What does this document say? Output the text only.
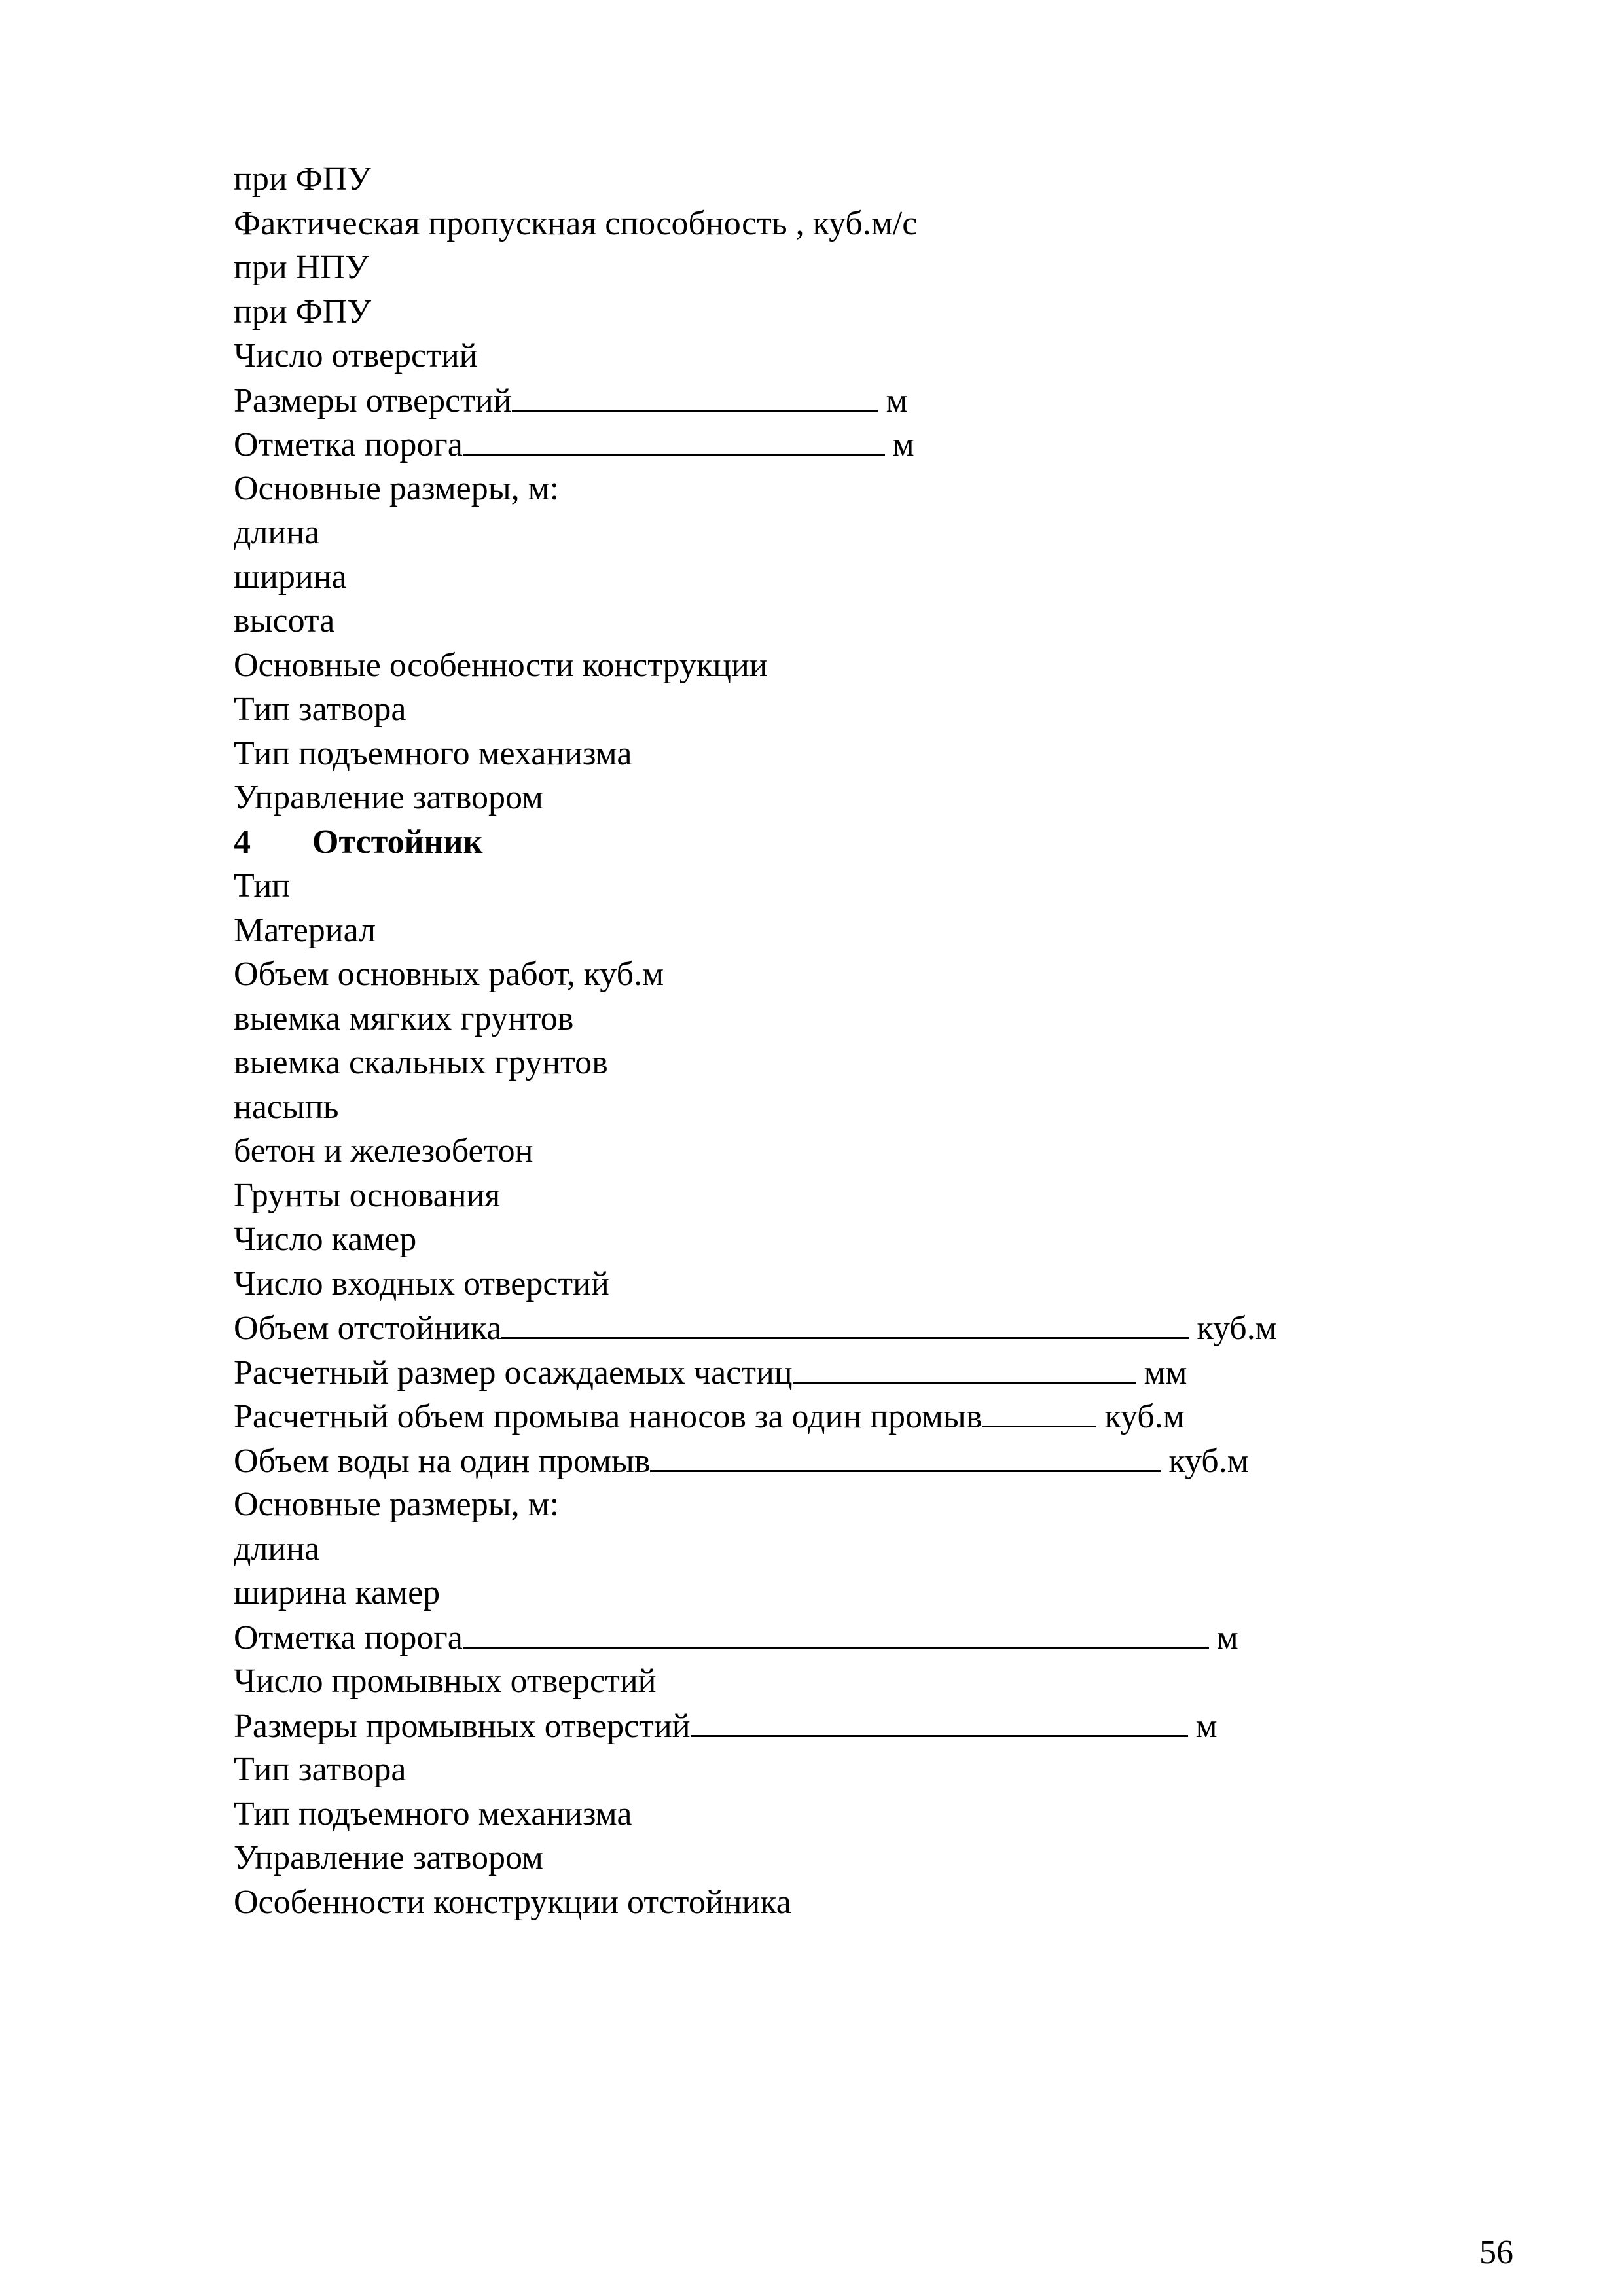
при ФПУ
Фактическая пропускная способность , куб.м/с
при НПУ
при ФПУ
Число отверстий
Размеры отверстий	м
Отметка порога	м
Основные размеры, м:
длина
ширина
высота
Основные особенности конструкции
Тип затвора
Тип подъемного механизма
Управление затвором
4 Отстойник
Тип
Материал
Объем основных работ, куб.м
выемка мягких грунтов
выемка скальных грунтов
насыпь
бетон и железобетон
Грунты основания
Число камер
Число входных отверстий
Объем отстойника	куб.м
Расчетный размер осаждаемых частиц	мм
Расчетный объем промыва наносов за один промыв	куб.м
Объем воды на один промыв	куб.м
Основные размеры, м:
длина
ширина камер
Отметка порога	м
Число промывных отверстий
Размеры промывных отверстий	м
Тип затвора
Тип подъемного механизма
Управление затвором
Особенности конструкции отстойника
56
